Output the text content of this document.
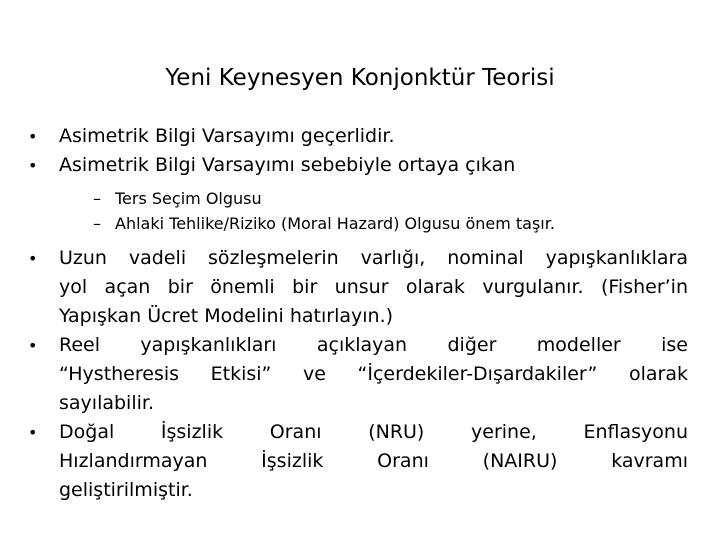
Yeni Keynesyen Konjonktür Teorisi
•	Asimetrik Bilgi Varsayımı geçerlidir.
•	Asimetrik Bilgi Varsayımı sebebiyle ortaya çıkan
– Ters Seçim Olgusu
– Ahlaki Tehlike/Riziko (Moral Hazard) Olgusu önem taşır.
•	Uzun vadeli sözleşmelerin varlığı, nominal yapışkanlıklara
yol açan bir önemli bir unsur olarak vurgulanır. (Fisher’in
Yapışkan Ücret Modelini hatırlayın.)
•	Reel yapışkanlıkları açıklayan diğer modeller ise
“Hystheresis Etkisi” ve “İçerdekiler-Dışardakiler” olarak
sayılabilir.
•	Doğal İşsizlik Oranı (NRU) yerine, Enflasyonu
Hızlandırmayan İşsizlik Oranı (NAIRU) kavramı
geliştirilmiştir.
